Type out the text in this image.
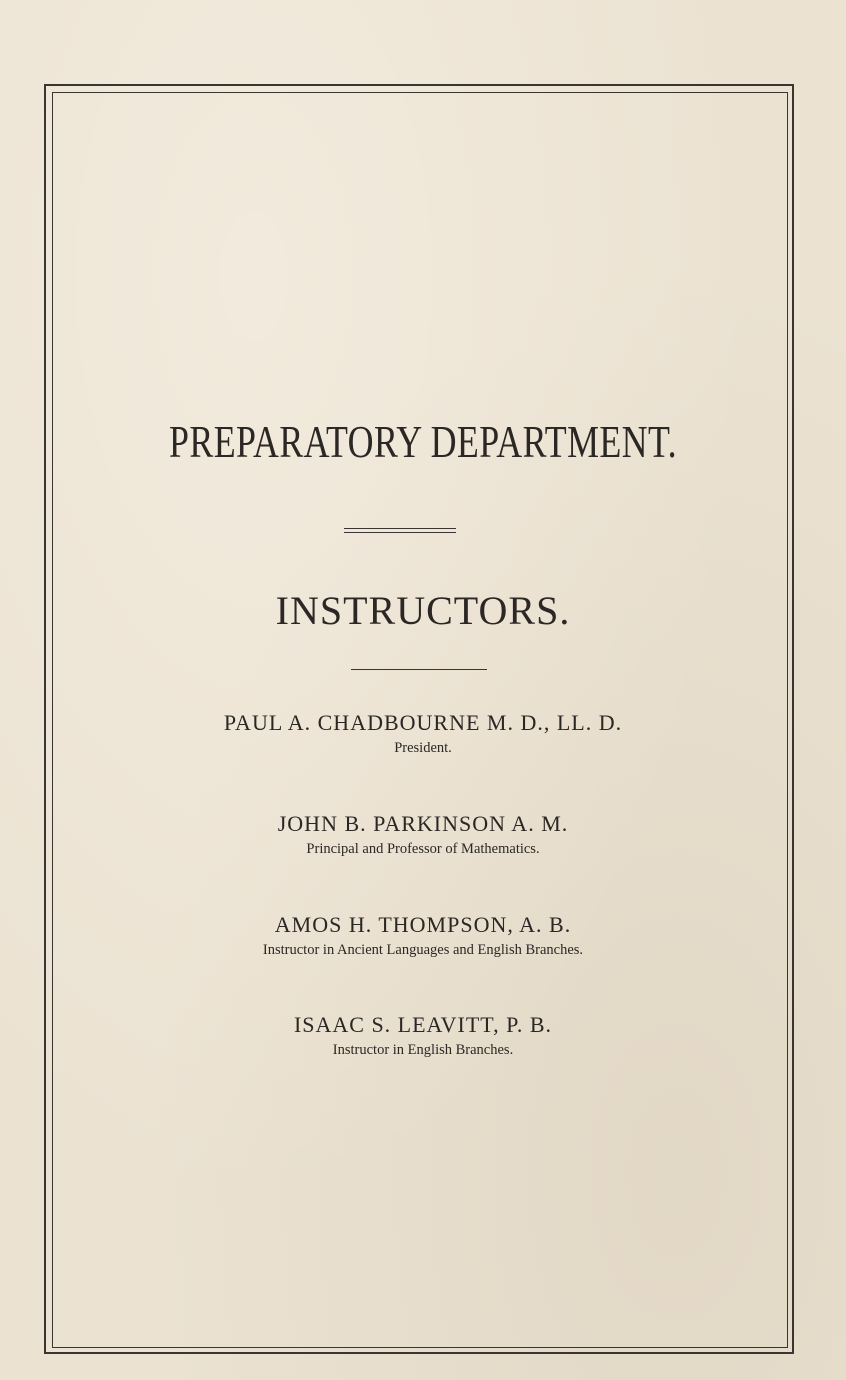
PREPARATORY DEPARTMENT.
INSTRUCTORS.
PAUL A. CHADBOURNE M. D., LL. D.
President.
JOHN B. PARKINSON A. M.
Principal and Professor of Mathematics.
AMOS H. THOMPSON, A. B.
Instructor in Ancient Languages and English Branches.
ISAAC S. LEAVITT, P. B.
Instructor in English Branches.
